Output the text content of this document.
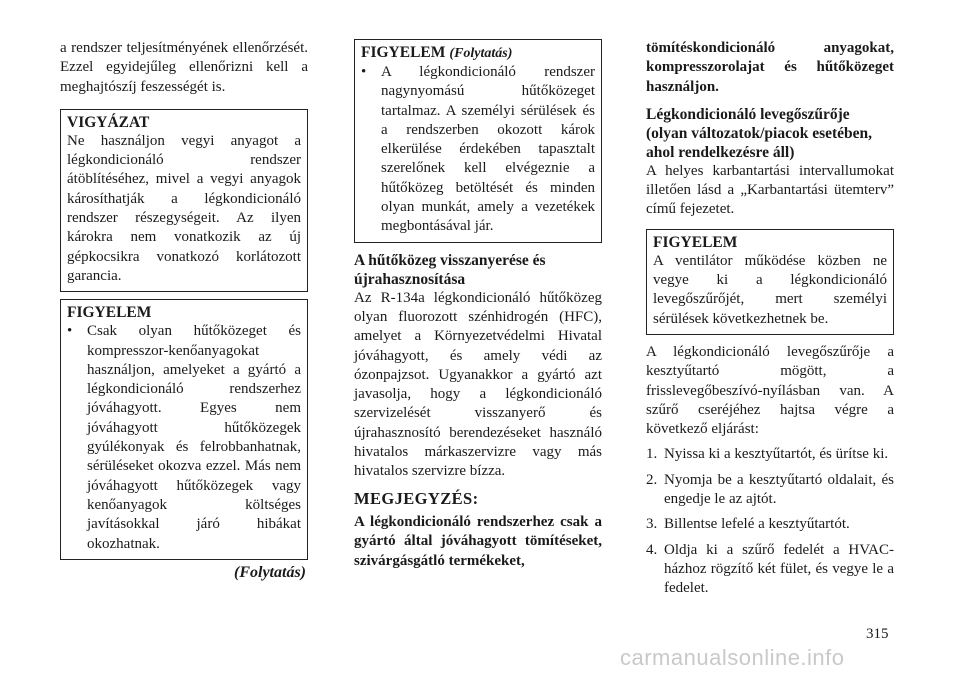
a rendszer teljesítményének ellenőrzését. Ezzel egyidejűleg ellenőrizni kell a meghajtószíj feszességét is.

VIGYÁZAT

Ne használjon vegyi anyagot a légkondicionáló rendszer átöblítéséhez, mivel a vegyi anyagok károsíthatják a légkondicionáló rendszer részegységeit. Az ilyen károkra nem vonatkozik az új gépkocsikra vonatkozó korlátozott garancia.

FIGYELEM
• Csak olyan hűtőközeget és kompresszor-kenőanyagokat használjon, amelyeket a gyártó a légkondicionáló rendszerhez jóváhagyott. Egyes nem jóváhagyott hűtőközegek gyúlékonyak és felrobbanhatnak, sérüléseket okozva ezzel. Más nem jóváhagyott hűtőközegek vagy kenőanyagok költséges javításokkal járó hibákat okozhatnak.
(Folytatás)
FIGYELEM (Folytatás)
• A légkondicionáló rendszer nagynyomású hűtőközeget tartalmaz. A személyi sérülések és a rendszerben okozott károk elkerülése érdekében tapasztalt szerelőnek kell elvégeznie a hűtőközeg betöltését és minden olyan munkát, amely a vezetékek megbontásával jár.
A hűtőközeg visszanyerése és újrahasznosítása

Az R-134a légkondicionáló hűtőközeg olyan fluorozott szénhidrogén (HFC), amelyet a Környezetvédelmi Hivatal jóváhagyott, és amely védi az ózonpajzsot. Ugyanakkor a gyártó azt javasolja, hogy a légkondicionáló szervizelését visszanyerő és újrahasznosító berendezéseket használó hivatalos márkaszervizre vagy más hivatalos szervizre bízza.

MEGJEGYZÉS:

A légkondicionáló rendszerhez csak a gyártó által jóváhagyott tömítéseket, szivárgásgátló termékeket,

tömítéskondicionáló anyagokat, kompresszorolajat és hűtőközeget használjon.

Légkondicionáló levegőszűrője (olyan változatok/piacok esetében, ahol rendelkezésre áll)

A helyes karbantartási intervallumokat illetően lásd a „Karbantartási ütemterv” című fejezetet.

FIGYELEM

A ventilátor működése közben ne vegye ki a légkondicionáló levegőszűrőjét, mert személyi sérülések következhetnek be.

A légkondicionáló levegőszűrője a kesztyűtartó mögött, a frisslevegőbeszívó-nyílásban van. A szűrő cseréjéhez hajtsa végre a következő eljárást:

1. Nyissa ki a kesztyűtartót, és ürítse ki.
2. Nyomja be a kesztyűtartó oldalait, és engedje le az ajtót.
3. Billentse lefelé a kesztyűtartót.
4. Oldja ki a szűrő fedelét a HVAC-házhoz rögzítő két fület, és vegye le a fedelet.
315
carmanualsonline.info
